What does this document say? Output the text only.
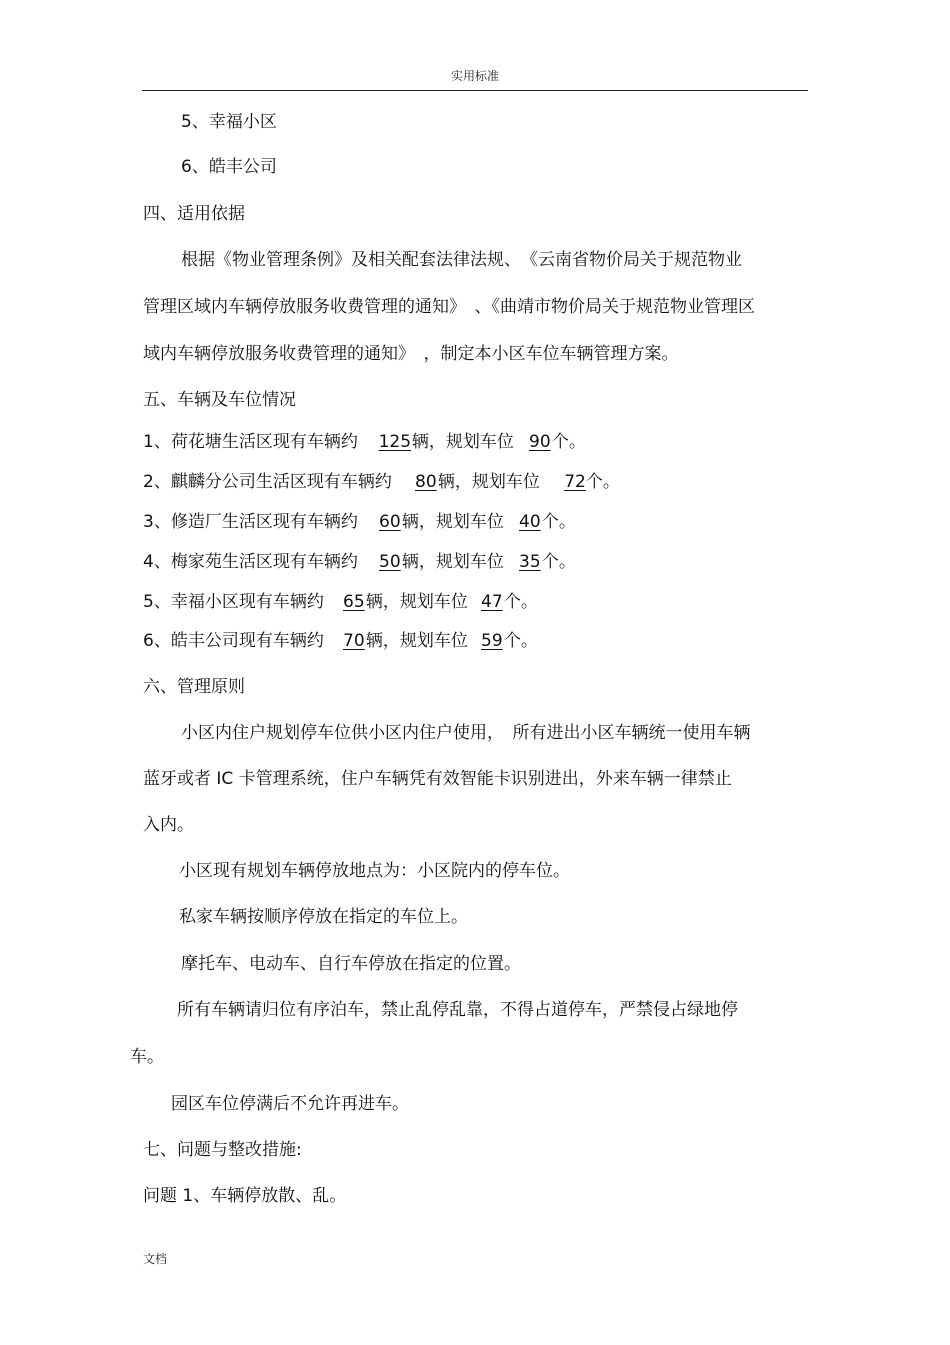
实用标准
5、幸福小区
6、皓丰公司
四、适用依据
根据《物业管理条例》及相关配套法律法规、　《云南省物价局关于规范物业
管理区域内车辆停放服务收费管理的通知》　、《曲靖市物价局关于规范物业管理区
域内车辆停放服务收费管理的通知》　，制定本小区车位车辆管理方案。
五、车辆及车位情况
1、荷花塘生活区现有车辆约 125辆，规划车位 90个。
2、麒麟分公司生活区现有车辆约 80辆，规划车位 72个。
3、修造厂生活区现有车辆约 60辆，规划车位 40个。
4、梅家苑生活区现有车辆约 50辆，规划车位 35个。
5、幸福小区现有车辆约 65辆，规划车位 47个。
6、皓丰公司现有车辆约 70辆，规划车位 59个。
六、管理原则
小区内住户规划停车位供小区内住户使用，　所有进出小区车辆统一使用车辆
蓝牙或者 IC 卡管理系统，住户车辆凭有效智能卡识别进出，外来车辆一律禁止
入内。
小区现有规划车辆停放地点为：小区院内的停车位。
私家车辆按顺序停放在指定的车位上。
摩托车、电动车、自行车停放在指定的位置。
所有车辆请归位有序泊车，禁止乱停乱靠，不得占道停车，严禁侵占绿地停
车。
园区车位停满后不允许再进车。
七、问题与整改措施:
问题 1、车辆停放散、乱。
文档
